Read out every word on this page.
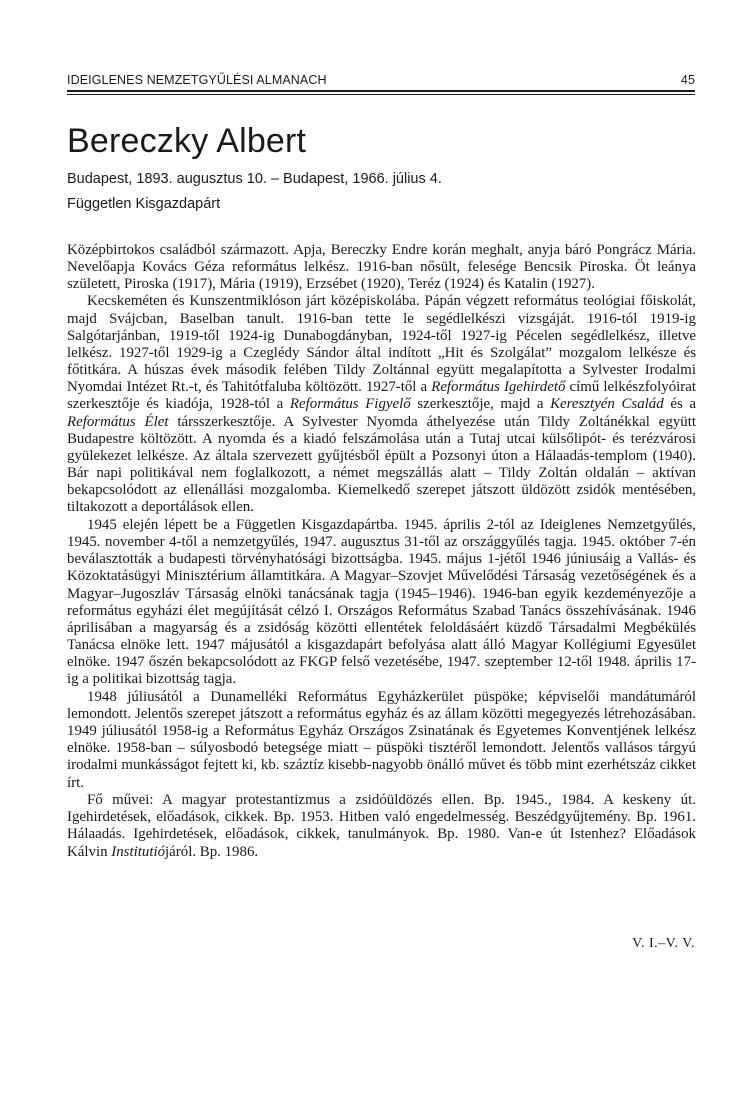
IDEIGLENES NEMZETGYŰLÉSI ALMANACH	45
Bereczky Albert
Budapest, 1893. augusztus 10. – Budapest, 1966. július 4.
Független Kisgazdapárt

Középbirtokos családból származott. Apja, Bereczky Endre korán meghalt, anyja báró Pongrácz Mária. Nevelőapja Kovács Géza református lelkész. 1916-ban nősült, felesége Bencsik Piroska. Öt leánya született, Piroska (1917), Mária (1919), Erzsébet (1920), Teréz (1924) és Katalin (1927).

Kecskeméten és Kunszentmiklóson járt középiskolába. Pápán végzett református teológiai főiskolát, majd Svájcban, Baselban tanult. 1916-ban tette le segédlelkészi vizsgáját. 1916-tól 1919-ig Salgótarjánban, 1919-től 1924-ig Dunabogdányban, 1924-től 1927-ig Pécelen segédlelkész, illetve lelkész. 1927-től 1929-ig a Czeglédy Sándor által indított „Hit és Szolgálat” mozgalom lelkésze és főtitkára. A húszas évek második felében Tildy Zoltánnal együtt megalapította a Sylvester Irodalmi Nyomdai Intézet Rt.-t, és Tahitótfaluba költözött. 1927-től a Református Igehirdető című lelkészfolyóirat szerkesztője és kiadója, 1928-tól a Református Figyelő szerkesztője, majd a Keresztyén Család és a Református Élet társszerkesztője. A Sylvester Nyomda áthelyezése után Tildy Zoltánékkal együtt Budapestre költözött. A nyomda és a kiadó felszámolása után a Tutaj utcai külsőlipót- és terézvárosi gyülekezet lelkésze. Az általa szervezett gyűjtésből épült a Pozsonyi úton a Hálaadás-templom (1940). Bár napi politikával nem foglalkozott, a német megszállás alatt – Tildy Zoltán oldalán – aktívan bekapcsolódott az ellenállási mozgalomba. Kiemelkedő szerepet játszott üldözött zsidók mentésében, tiltakozott a deportálások ellen.

1945 elején lépett be a Független Kisgazdapártba. 1945. április 2-tól az Ideiglenes Nemzetgyűlés, 1945. november 4-től a nemzetgyűlés, 1947. augusztus 31-től az országgyűlés tagja. 1945. október 7-én beválasztották a budapesti törvényhatósági bizottságba. 1945. május 1-jétől 1946 júniusáig a Vallás- és Közoktatásügyi Minisztérium államtitkára. A Magyar–Szovjet Művelődési Társaság vezetőségének és a Magyar–Jugoszláv Társaság elnöki tanácsának tagja (1945–1946). 1946-ban egyik kezdeményezője a református egyházi élet megújítását célzó I. Országos Református Szabad Tanács összehívásának. 1946 áprilisában a magyarság és a zsidóság közötti ellentétek feloldásáért küzdő Társadalmi Megbékülés Tanácsa elnöke lett. 1947 májusától a kisgazdapárt befolyása alatt álló Magyar Kollégiumi Egyesület elnöke. 1947 őszén bekapcsolódott az FKGP felső vezetésébe, 1947. szeptember 12-től 1948. április 17-ig a politikai bizottság tagja.

1948 júliusától a Dunamelléki Református Egyházkerület püspöke; képviselői mandátumáról lemondott. Jelentős szerepet játszott a református egyház és az állam közötti megegyezés létrehozásában. 1949 júliusától 1958-ig a Református Egyház Országos Zsinatának és Egyetemes Konventjének lelkész elnöke. 1958-ban – súlyosbodó betegsége miatt – püspöki tisztéről lemondott. Jelentős vallásos tárgyú irodalmi munkásságot fejtett ki, kb. száztíz kisebb-nagyobb önálló művet és több mint ezerhétszáz cikket írt.

Fő művei: A magyar protestantizmus a zsidóüldözés ellen. Bp. 1945., 1984. A keskeny út. Igehirdetések, előadások, cikkek. Bp. 1953. Hitben való engedelmesség. Beszédgyűjtemény. Bp. 1961. Hálaadás. Igehirdetések, előadások, cikkek, tanulmányok. Bp. 1980. Van-e út Istenhez? Előadások Kálvin Institutiójáról. Bp. 1986.

V. I.–V. V.
